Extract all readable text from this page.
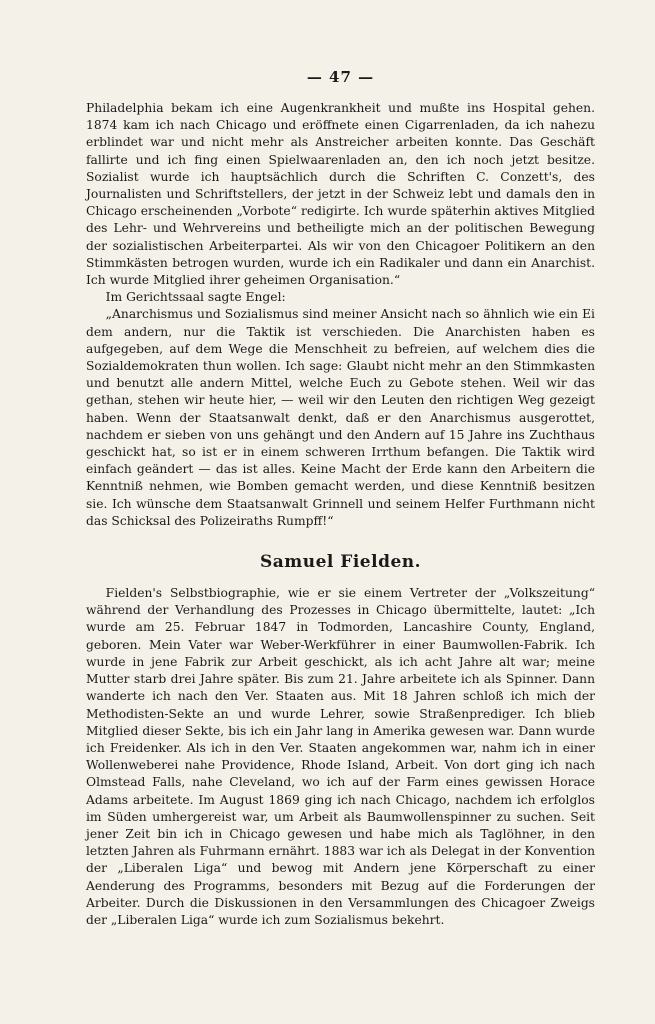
— 47 —

Philadelphia bekam ich eine Augenkrankheit und mußte ins Hospital gehen. 1874 kam ich nach Chicago und eröffnete einen Cigarrenladen, da ich nahezu erblindet war und nicht mehr als Anstreicher arbeiten konnte. Das Geschäft fallirte und ich fing einen Spielwaarenladen an, den ich noch jetzt besitze. Sozialist wurde ich hauptsächlich durch die Schriften C. Conzett's, des Journalisten und Schriftstellers, der jetzt in der Schweiz lebt und damals den in Chicago erscheinenden „Vorbote“ redigirte. Ich wurde späterhin aktives Mitglied des Lehr- und Wehrvereins und betheiligte mich an der politischen Bewegung der sozialistischen Arbeiterpartei. Als wir von den Chicagoer Politikern an den Stimmkästen betrogen wurden, wurde ich ein Radikaler und dann ein Anarchist. Ich wurde Mitglied ihrer geheimen Organisation.“

Im Gerichtssaal sagte Engel:

„Anarchismus und Sozialismus sind meiner Ansicht nach so ähnlich wie ein Ei dem andern, nur die Taktik ist verschieden. Die Anarchisten haben es aufgegeben, auf dem Wege die Menschheit zu befreien, auf welchem dies die Sozialdemokraten thun wollen. Ich sage: Glaubt nicht mehr an den Stimmkasten und benutzt alle andern Mittel, welche Euch zu Gebote stehen. Weil wir das gethan, stehen wir heute hier, — weil wir den Leuten den richtigen Weg gezeigt haben. Wenn der Staatsanwalt denkt, daß er den Anarchismus ausgerottet, nachdem er sieben von uns gehängt und den Andern auf 15 Jahre ins Zuchthaus geschickt hat, so ist er in einem schweren Irrthum befangen. Die Taktik wird einfach geändert — das ist alles. Keine Macht der Erde kann den Arbeitern die Kenntniß nehmen, wie Bomben gemacht werden, und diese Kenntniß besitzen sie. Ich wünsche dem Staatsanwalt Grinnell und seinem Helfer Furthmann nicht das Schicksal des Polizeiraths Rumpff!“

Samuel Fielden.

Fielden's Selbstbiographie, wie er sie einem Vertreter der „Volkszeitung“ während der Verhandlung des Prozesses in Chicago übermittelte, lautet: „Ich wurde am 25. Februar 1847 in Todmorden, Lancashire County, England, geboren. Mein Vater war Weber-Werkführer in einer Baumwollen-Fabrik. Ich wurde in jene Fabrik zur Arbeit geschickt, als ich acht Jahre alt war; meine Mutter starb drei Jahre später. Bis zum 21. Jahre arbeitete ich als Spinner. Dann wanderte ich nach den Ver. Staaten aus. Mit 18 Jahren schloß ich mich der Methodisten-Sekte an und wurde Lehrer, sowie Straßenprediger. Ich blieb Mitglied dieser Sekte, bis ich ein Jahr lang in Amerika gewesen war. Dann wurde ich Freidenker. Als ich in den Ver. Staaten angekommen war, nahm ich in einer Wollenweberei nahe Providence, Rhode Island, Arbeit. Von dort ging ich nach Olmstead Falls, nahe Cleveland, wo ich auf der Farm eines gewissen Horace Adams arbeitete. Im August 1869 ging ich nach Chicago, nachdem ich erfolglos im Süden umhergereist war, um Arbeit als Baumwollenspinner zu suchen. Seit jener Zeit bin ich in Chicago gewesen und habe mich als Taglöhner, in den letzten Jahren als Fuhrmann ernährt. 1883 war ich als Delegat in der Konvention der „Liberalen Liga“ und bewog mit Andern jene Körperschaft zu einer Aenderung des Programms, besonders mit Bezug auf die Forderungen der Arbeiter. Durch die Diskussionen in den Versammlungen des Chicagoer Zweigs der „Liberalen Liga“ wurde ich zum Sozialismus bekehrt.
